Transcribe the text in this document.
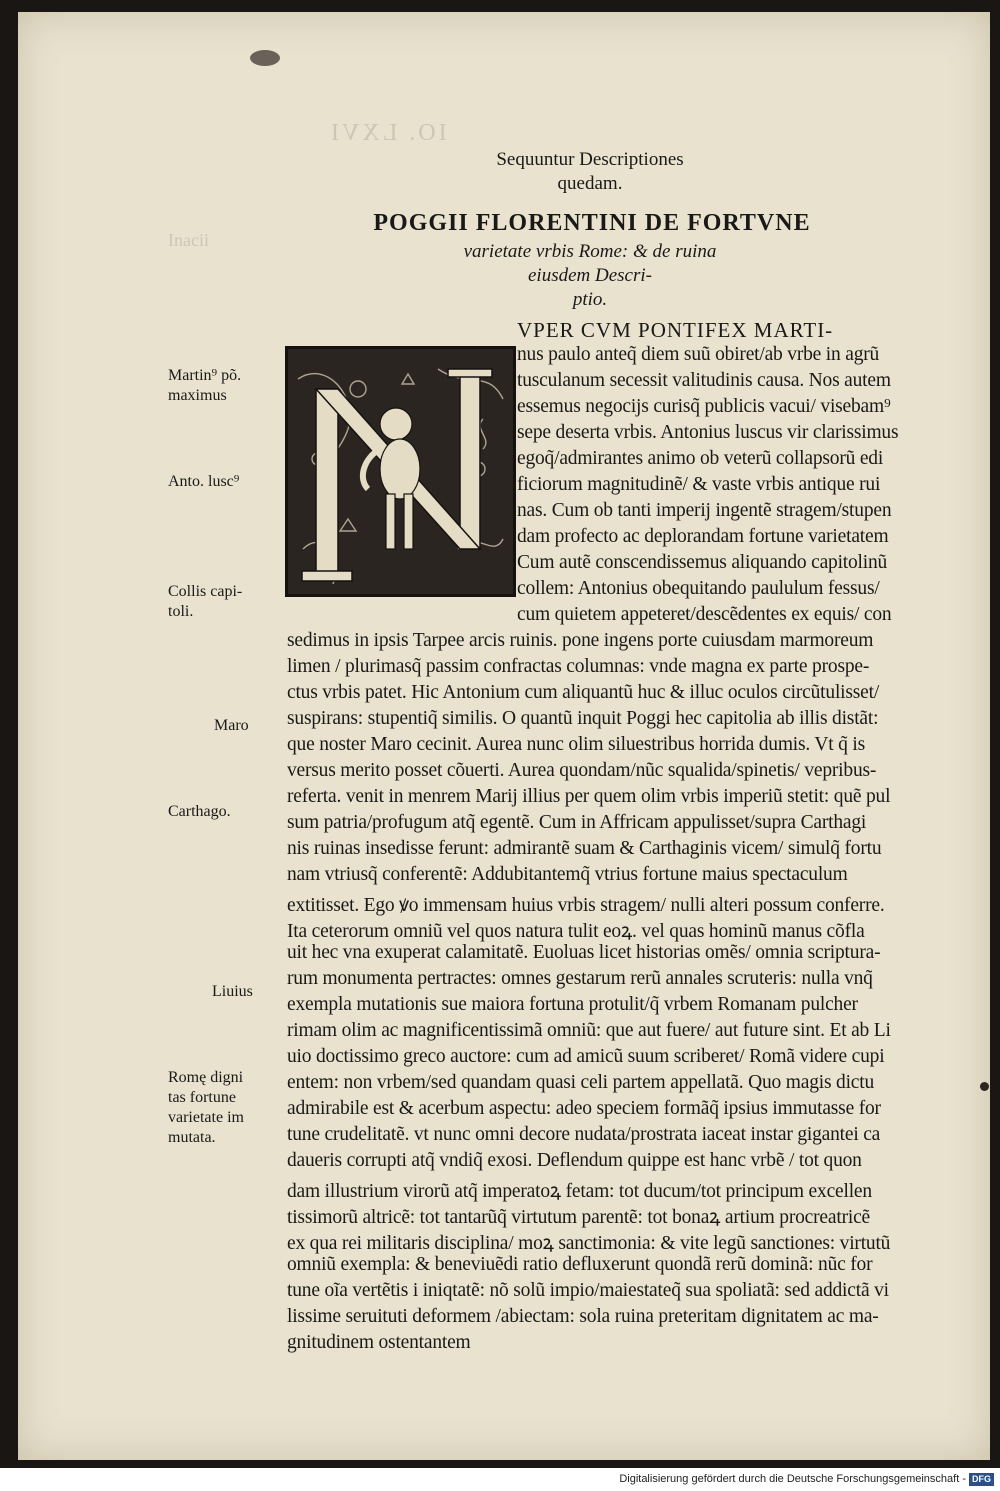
IO. LXVI
Inacii
Sequuntur Descriptiones
quedam.
POGGII FLORENTINI DE FORTVNE
varietate vrbis Rome: & de ruina
eiusdem Descri-
ptio.
VPER CVM PONTIFEX MARTI-
nus paulo anteq̃ diem suũ obiret/ab vrbe in agrũ
tusculanum secessit valitudinis causa. Nos autem
essemus negocijs curisq̃ publicis vacui/ visebam⁹
sepe deserta vrbis. Antonius luscus vir clarissimus
egoq̃/admirantes animo ob veterũ collapsorũ edi
ficiorum magnitudinẽ/ & vaste vrbis antique rui
nas. Cum ob tanti imperij ingentẽ stragem/stupen
dam profecto ac deplorandam fortune varietatem
Cum autẽ conscendissemus aliquando capitolinũ
collem: Antonius obequitando paululum fessus/
cum quietem appeteret/descẽdentes ex equis/ con
sedimus in ipsis Tarpee arcis ruinis. pone ingens porte cuiusdam marmoreum
limen / plurimasq̃ passim confractas columnas: vnde magna ex parte prospe-
ctus vrbis patet. Hic Antonium cum aliquantũ huc & illuc oculos circũtulisset/
suspirans: stupentiq̃ similis. O quantũ inquit Poggi hec capitolia ab illis distãt:
que noster Maro cecinit. Aurea nunc olim siluestribus horrida dumis. Vt q̃ is
versus merito posset cõuerti. Aurea quondam/nũc squalida/spinetis/ vepribus-
referta. venit in menrem Marij illius per quem olim vrbis imperiũ stetit: quẽ pul
sum patria/profugum atq̃ egentẽ. Cum in Affricam appulisset/supra Carthagi
nis ruinas insedisse ferunt: admirantẽ suam & Carthaginis vicem/ simulq̃ fortu
nam vtriusq̃ conferentẽ: Addubitantemq̃ vtrius fortune maius spectaculum
extitisset. Ego ꝟo immensam huius vrbis stragem/ nulli alteri possum conferre.
Ita ceterorum omniũ vel quos natura tulit eoꝝ. vel quas hominũ manus cõfla
uit hec vna exuperat calamitatẽ. Euoluas licet historias omẽs/ omnia scriptura-
rum monumenta pertractes: omnes gestarum rerũ annales scruteris: nulla vnq̃
exempla mutationis sue maiora fortuna protulit/q̃ vrbem Romanam pulcher
rimam olim ac magnificentissimã omniũ: que aut fuere/ aut future sint. Et ab Li
uio doctissimo greco auctore: cum ad amicũ suum scriberet/ Romã videre cupi
entem: non vrbem/sed quandam quasi celi partem appellatã. Quo magis dictu
admirabile est & acerbum aspectu: adeo speciem formãq̃ ipsius immutasse for
tune crudelitatẽ. vt nunc omni decore nudata/prostrata iaceat instar gigantei ca
daueris corrupti atq̃ vndiq̃ exosi. Deflendum quippe est hanc vrbẽ / tot quon
dam illustrium virorũ atq̃ imperatoꝝ fetam: tot ducum/tot principum excellen
tissimorũ altricẽ: tot tantarũq̃ virtutum parentẽ: tot bonaꝝ artium procreatricẽ
ex qua rei militaris disciplina/ moꝝ sanctimonia: & vite legũ sanctiones: virtutũ
omniũ exempla: & beneviuẽdi ratio defluxerunt quondã rerũ dominã: nũc for
tune oĩa vertẽtis i iniqtatẽ: nõ solũ impio/maiestateq̃ sua spoliatã: sed addictã vi
lissime seruituti deformem /abiectam: sola ruina preteritam dignitatem ac ma-
gnitudinem ostentantem
Martin⁹ põ.
maximus
Anto. lusc⁹
Collis capi-
toli.
Maro
Carthago.
Liuius
Romę digni
tas fortune
varietate im
mutata.
Digitalisierung gefördert durch die Deutsche Forschungsgemeinschaft - DFG
